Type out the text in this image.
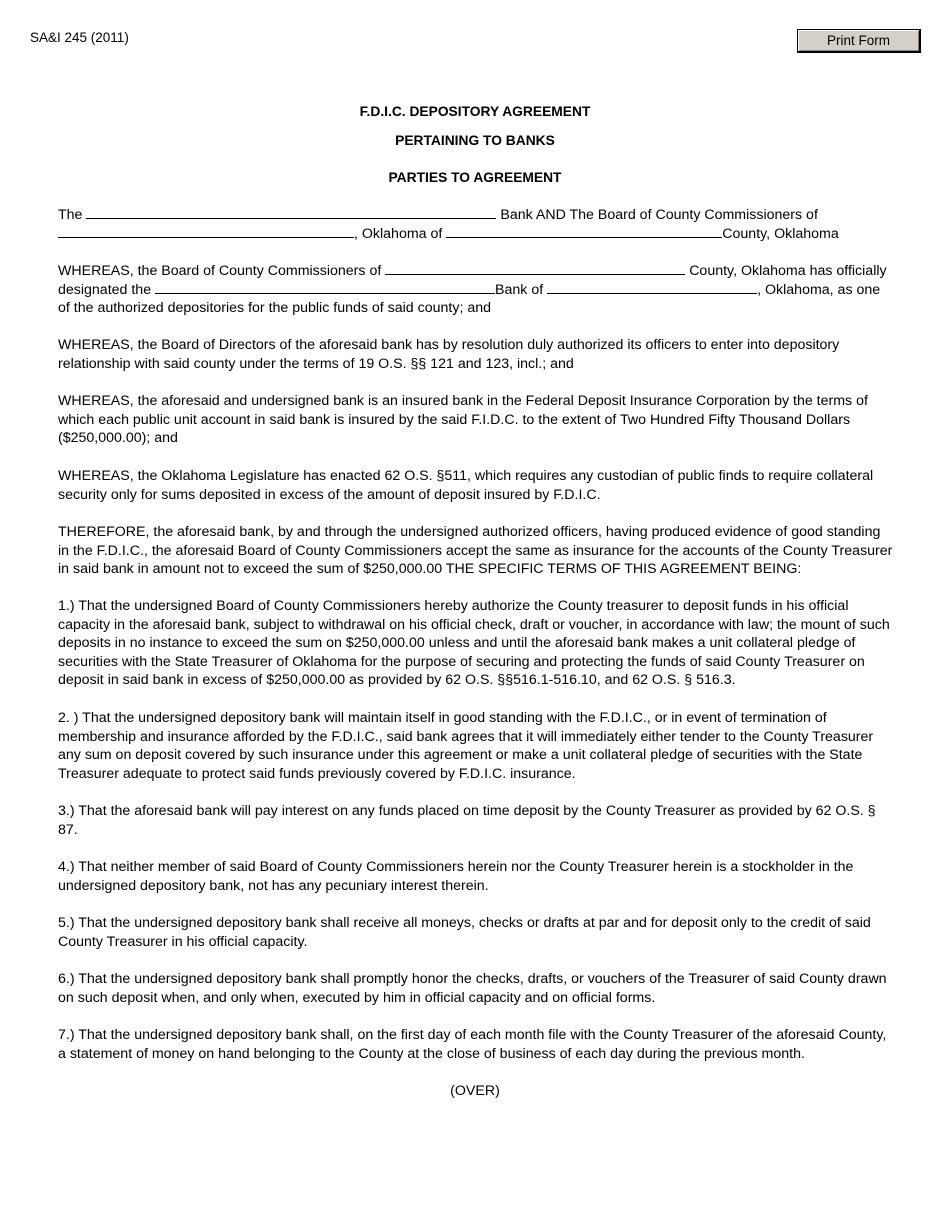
SA&I 245 (2011)	Print Form
F.D.I.C. DEPOSITORY AGREEMENT
PERTAINING TO BANKS
PARTIES TO AGREEMENT
The	Bank AND The Board of County Commissioners of
, Oklahoma of	County, Oklahoma
WHEREAS, the Board of County Commissioners of	County, Oklahoma has officially
designated the	Bank of	, Oklahoma, as one
of the authorized depositories for the public funds of said county; and

WHEREAS, the Board of Directors of the aforesaid bank has by resolution duly authorized its officers to enter into depository relationship with said county under the terms of 19 O.S. §§ 121 and 123, incl.; and

WHEREAS, the aforesaid and undersigned bank is an insured bank in the Federal Deposit Insurance Corporation by the terms of which each public unit account in said bank is insured by the said F.I.D.C. to the extent of Two Hundred Fifty Thousand Dollars ($250,000.00); and

WHEREAS, the Oklahoma Legislature has enacted 62 O.S. §511, which requires any custodian of public finds to require collateral security only for sums deposited in excess of the amount of deposit insured by F.D.I.C.

THEREFORE, the aforesaid bank, by and through the undersigned authorized officers, having produced evidence of good standing in the F.D.I.C., the aforesaid Board of County Commissioners accept the same as insurance for the accounts of the County Treasurer in said bank in amount not to exceed the sum of $250,000.00 THE SPECIFIC TERMS OF THIS AGREEMENT BEING:

1.) That the undersigned Board of County Commissioners hereby authorize the County treasurer to deposit funds in his official capacity in the aforesaid bank, subject to withdrawal on his official check, draft or voucher, in accordance with law; the mount of such deposits in no instance to exceed the sum on $250,000.00 unless and until the aforesaid bank makes a unit collateral pledge of securities with the State Treasurer of Oklahoma for the purpose of securing and protecting the funds of said County Treasurer on deposit in said bank in excess of $250,000.00 as provided by 62 O.S. §§516.1-516.10, and 62 O.S. § 516.3.

2. ) That the undersigned depository bank will maintain itself in good standing with the F.D.I.C., or in event of termination of membership and insurance afforded by the F.D.I.C., said bank agrees that it will immediately either tender to the County Treasurer any sum on deposit covered by such insurance under this agreement or make a unit collateral pledge of securities with the State Treasurer adequate to protect said funds previously covered by F.D.I.C. insurance.

3.) That the aforesaid bank will pay interest on any funds placed on time deposit by the County Treasurer as provided by 62 O.S. § 87.

4.) That neither member of said Board of County Commissioners herein nor the County Treasurer herein is a stockholder in the undersigned depository bank, not has any pecuniary interest therein.

5.) That the undersigned depository bank shall receive all moneys, checks or drafts at par and for deposit only to the credit of said County Treasurer in his official capacity.

6.) That the undersigned depository bank shall promptly honor the checks, drafts, or vouchers of the Treasurer of said County drawn on such deposit when, and only when, executed by him in official capacity and on official forms.

7.) That the undersigned depository bank shall, on the first day of each month file with the County Treasurer of the aforesaid County, a statement of money on hand belonging to the County at the close of business of each day during the previous month.

(OVER)
